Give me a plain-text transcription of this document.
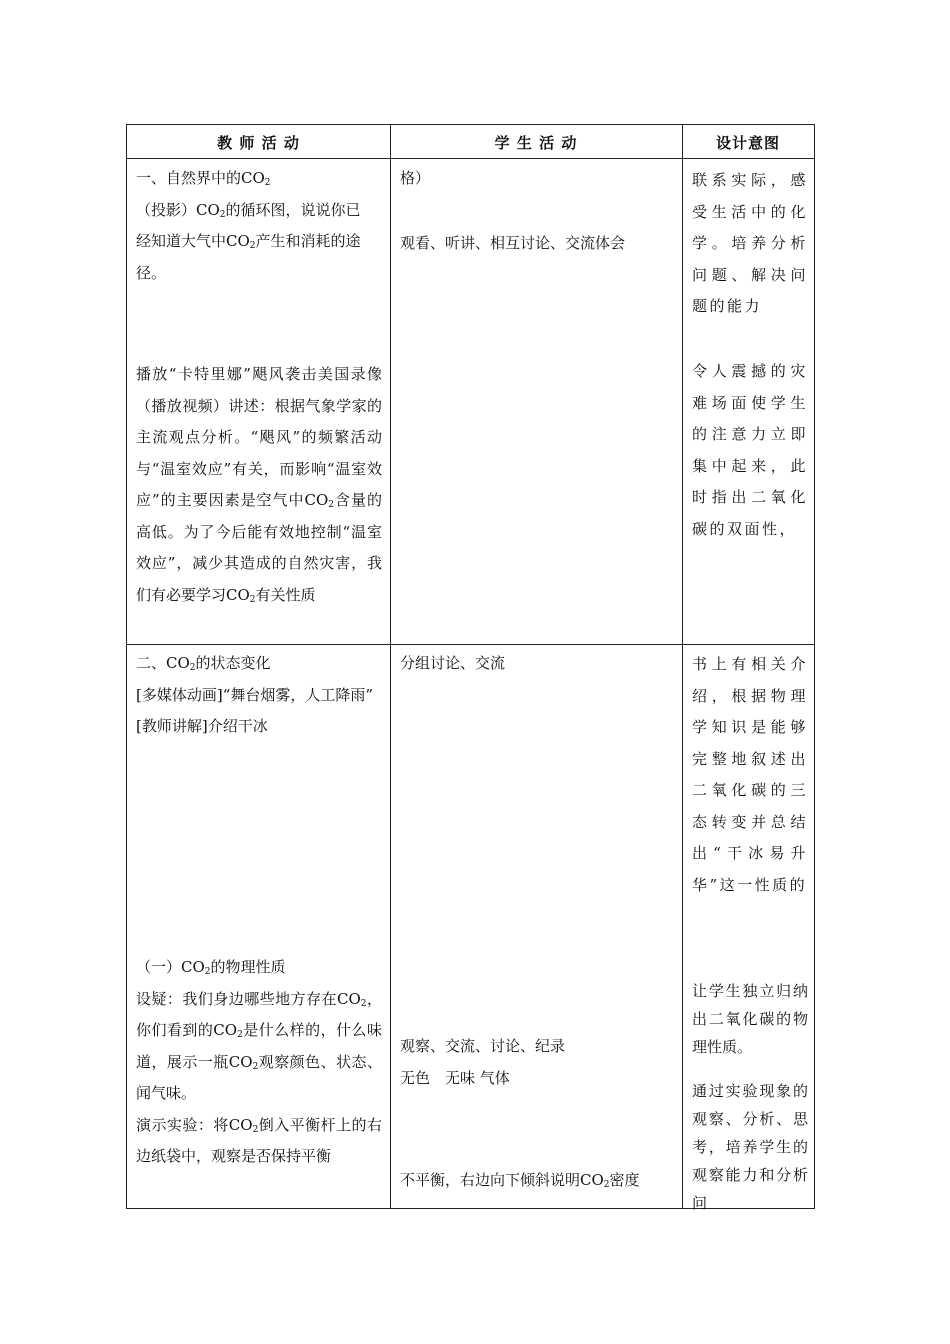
教 师 活 动	学 生 活 动	设计意图

一、自然界中的$CO_2$

（投影）$CO_2$的循环图，说说你已

经知道大气中$CO_2$产生和消耗的途

径。

播放“卡特里娜”飓风袭击美国录像（播放视频）讲述：根据气象学家的主流观点分析。“飓风”的频繁活动与“温室效应”有关，而影响“温室效应”的主要因素是空气中$CO_2$含量的高低。为了今后能有效地控制“温室效应”，减少其造成的自然灾害，我们有必要学习$CO_2$有关性质
格）
观看、听讲、相互讨论、交流体会
联系实际，感受生活中的化学。培养分析问题、解决问题的能力
令人震撼的灾难场面使学生的注意力立即集中起来，此时指出二氧化碳的双面性，

二、$CO_2$的状态变化

[多媒体动画]“舞台烟雾，人工降雨”

[教师讲解]介绍干冰

（一）$CO_2$的物理性质

设疑：我们身边哪些地方存在$CO_2$，你们看到的$CO_2$是什么样的，什么味道，展示一瓶$CO_2$观察颜色、状态、闻气味。

演示实验：将$CO_2$倒入平衡杆上的右边纸袋中，观察是否保持平衡

分组讨论、交流
观察、交流、讨论、纪录
无色　无味 气体
不平衡，右边向下倾斜说明$CO_2$密度
书上有相关介绍，根据物理学知识是能够完整地叙述出二氧化碳的三态转变并总结出“干冰易升华”这一性质的
让学生独立归纳出二氧化碳的物理性质。
通过实验现象的观察、分析、思考，培养学生的观察能力和分析问
